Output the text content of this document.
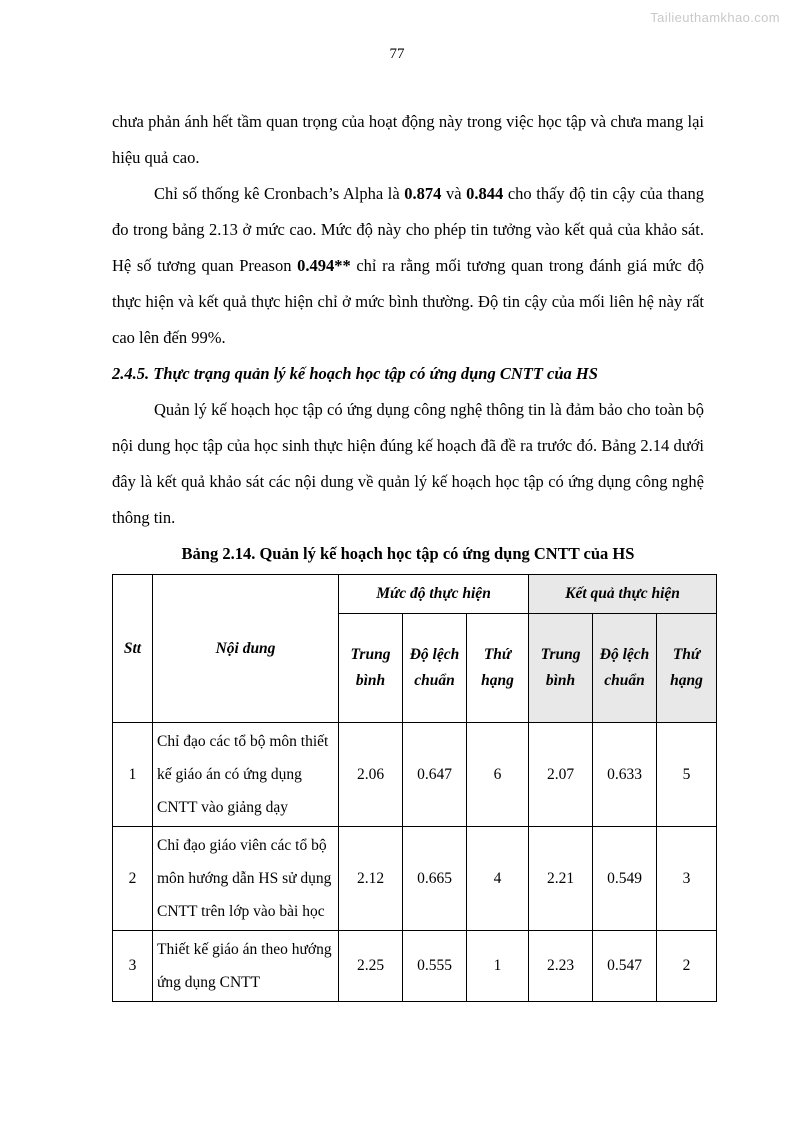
Tailieuthamkhao.com
77

chưa phản ánh hết tầm quan trọng của hoạt động này trong việc học tập và chưa mang lại hiệu quả cao.

Chỉ số thống kê Cronbach’s Alpha là 0.874 và 0.844 cho thấy độ tin cậy của thang đo trong bảng 2.13 ở mức cao. Mức độ này cho phép tin tưởng vào kết quả của khảo sát. Hệ số tương quan Preason 0.494** chỉ ra rằng mối tương quan trong đánh giá mức độ thực hiện và kết quả thực hiện chỉ ở mức bình thường. Độ tin cậy của mối liên hệ này rất cao lên đến 99%.

2.4.5. Thực trạng quản lý kế hoạch học tập có ứng dụng CNTT của HS

Quản lý kế hoạch học tập có ứng dụng công nghệ thông tin là đảm bảo cho toàn bộ nội dung học tập của học sinh thực hiện đúng kế hoạch đã đề ra trước đó. Bảng 2.14 dưới đây là kết quả khảo sát các nội dung về quản lý kế hoạch học tập có ứng dụng công nghệ thông tin.

Bảng 2.14. Quản lý kế hoạch học tập có ứng dụng CNTT của HS

Stt	Nội dung	Mức độ thực hiện			Kết quả thực hiện		
		Trung bình	Độ lệch chuẩn	Thứ hạng	Trung bình	Độ lệch chuẩn	Thứ hạng
1	Chỉ đạo các tổ bộ môn thiết kế giáo án có ứng dụng CNTT vào giảng dạy	2.06	0.647	6	2.07	0.633	5
2	Chỉ đạo giáo viên các tổ bộ môn hướng dẫn HS sử dụng CNTT trên lớp vào bài học	2.12	0.665	4	2.21	0.549	3
3	Thiết kế giáo án theo hướng ứng dụng CNTT	2.25	0.555	1	2.23	0.547	2
